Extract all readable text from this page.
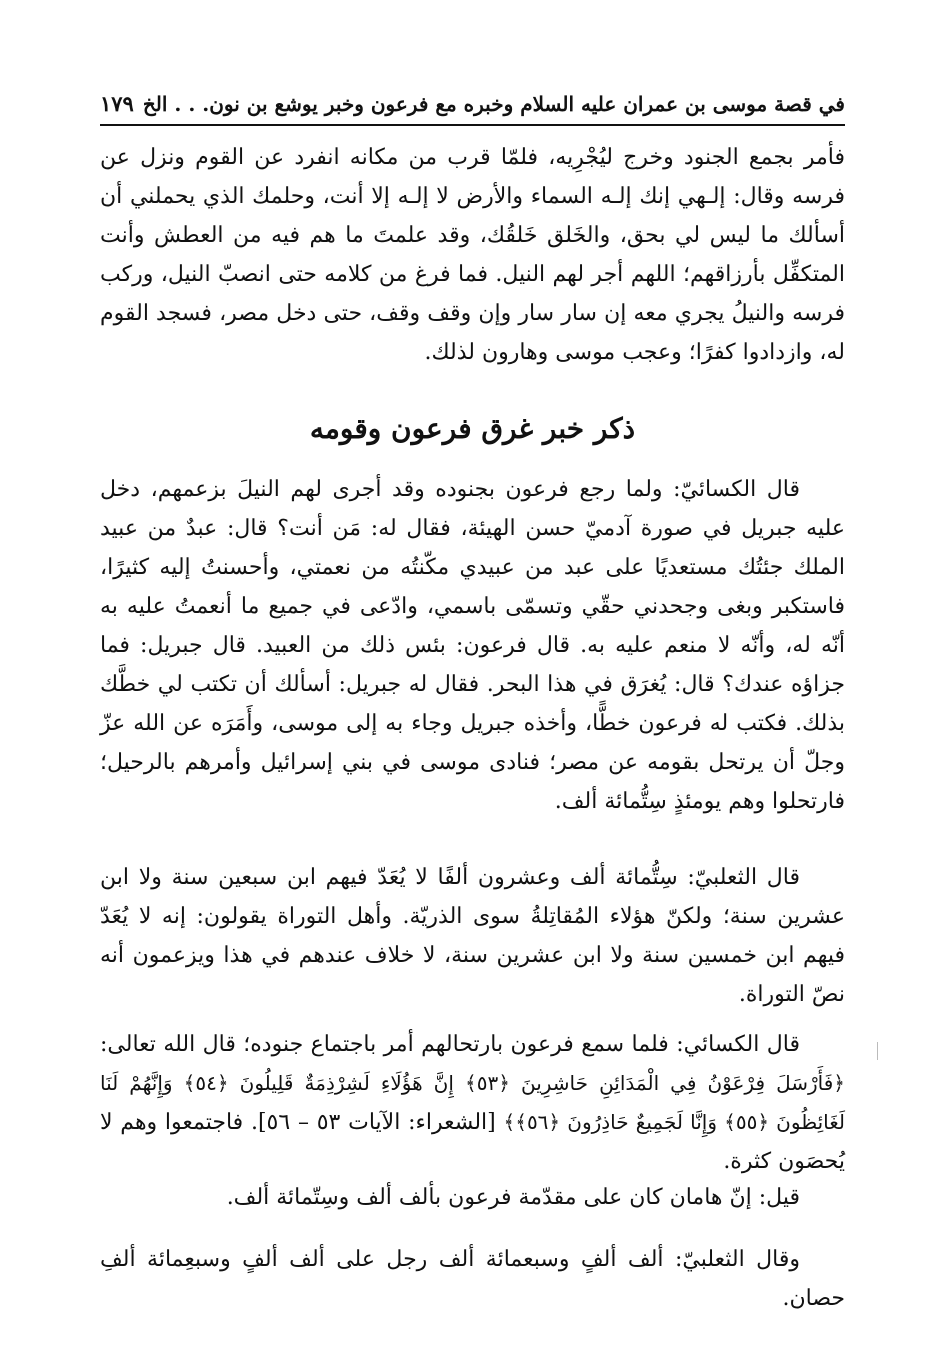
في قصة موسى بن عمران عليه السلام وخبره مع فرعون وخبر يوشع بن نون. . . الخ
١٧٩

فأمر بجمع الجنود وخرج ليُجْرِيه، فلمّا قرب من مكانه انفرد عن القوم ونزل عن فرسه وقال: إلـهي إنك إلـه السماء والأرض لا إلـه إلا أنت، وحلمك الذي يحملني أن أسألك ما ليس لي بحق، والخَلق خَلقُك، وقد علمتَ ما هم فيه من العطش وأنت المتكفِّل بأرزاقهم؛ اللهم أجر لهم النيل. فما فرغ من كلامه حتى انصبّ النيل، وركب فرسه والنيلُ يجري معه إن سار سار وإن وقف وقف، حتى دخل مصر، فسجد القوم له، وازدادوا كفرًا؛ وعجب موسى وهارون لذلك.

ذكر خبر غرق فرعون وقومه

قال الكسائيّ: ولما رجع فرعون بجنوده وقد أجرى لهم النيلَ بزعمهم، دخل عليه جبريل في صورة آدميّ حسن الهيئة، فقال له: مَن أنت؟ قال: عبدٌ من عبيد الملك جئتُك مستعديًا على عبد من عبيدي مكّنتُه من نعمتي، وأحسنتُ إليه كثيرًا، فاستكبر وبغى وجحدني حقّي وتسمّى باسمي، وادّعى في جميع ما أنعمتُ عليه به أنّه له، وأنّه لا منعم عليه به. قال فرعون: بئس ذلك من العبيد. قال جبريل: فما جزاؤه عندك؟ قال: يُغرَق في هذا البحر. فقال له جبريل: أسألك أن تكتب لي خطَّك بذلك. فكتب له فرعون خطًّا، وأخذه جبريل وجاء به إلى موسى، وأَمَرَه عن الله عزّ وجلّ أن يرتحل بقومه عن مصر؛ فنادى موسى في بني إسرائيل وأمرهم بالرحيل؛ فارتحلوا وهم يومئذٍ سِتُّمائة ألف.

قال الثعلبيّ: سِتُّمائة ألف وعشرون ألفًا لا يُعَدّ فيهم ابن سبعين سنة ولا ابن عشرين سنة؛ ولكنّ هؤلاء المُقاتِلةُ سوى الذريّة. وأهل التوراة يقولون: إنه لا يُعَدّ فيهم ابن خمسين سنة ولا ابن عشرين سنة، لا خلاف عندهم في هذا ويزعمون أنه نصّ التوراة.

قال الكسائي: فلما سمع فرعون بارتحالهم أمر باجتماع جنوده؛ قال الله تعالى: ﴿فَأَرْسَلَ فِرْعَوْنُ فِي الْمَدَائِنِ حَاشِرِينَ ﴿٥٣﴾ إِنَّ هَؤُلَاءِ لَشِرْذِمَةٌ قَلِيلُونَ ﴿٥٤﴾ وَإِنَّهُمْ لَنَا لَغَائِظُونَ ﴿٥٥﴾ وَإِنَّا لَجَمِيعٌ حَاذِرُونَ ﴿٥٦﴾﴾ [الشعراء: الآيات ٥٣ – ٥٦]. فاجتمعوا وهم لا يُحصَون كثرة.

قيل: إنّ هامان كان على مقدّمة فرعون بألف ألف وسِتّمائة ألف.

وقال الثعلبيّ: ألف ألفٍ وسبعمائة ألف رجل على ألف ألفٍ وسبعِمائة ألفِ حصان.
